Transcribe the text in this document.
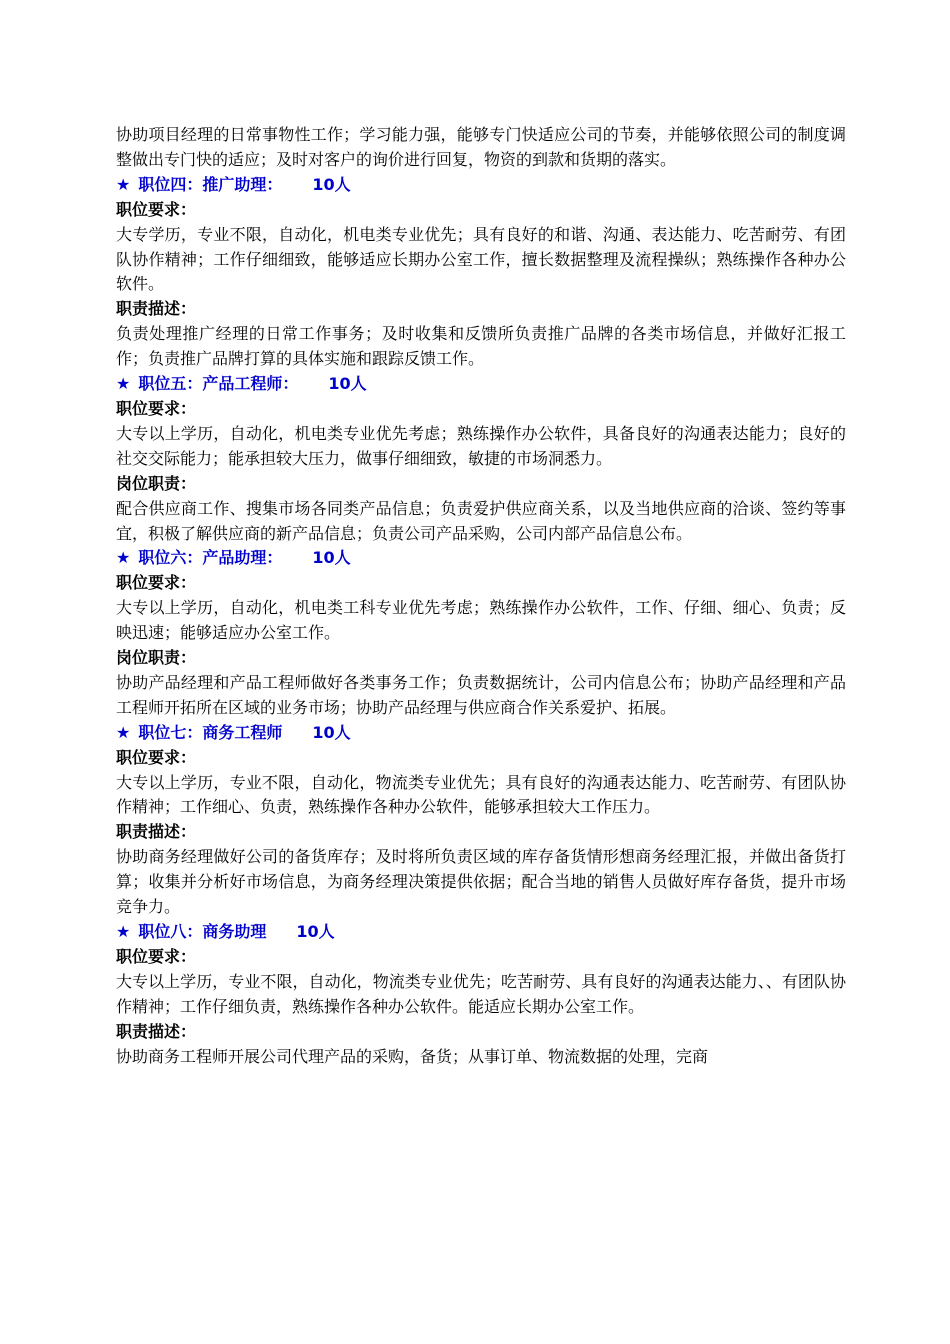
协助项目经理的日常事物性工作；学习能力强，能够专门快适应公司的节奏，并能够依照公司的制度调整做出专门快的适应；及时对客户的询价进行回复，物资的到款和货期的落实。

★ 职位四：推广助理： 10人

职位要求：

大专学历，专业不限，自动化，机电类专业优先；具有良好的和谐、沟通、表达能力、吃苦耐劳、有团队协作精神；工作仔细细致，能够适应长期办公室工作，擅长数据整理及流程操纵；熟练操作各种办公软件。

职责描述：

负责处理推广经理的日常工作事务；及时收集和反馈所负责推广品牌的各类市场信息，并做好汇报工作；负责推广品牌打算的具体实施和跟踪反馈工作。

★ 职位五：产品工程师： 10人

职位要求：

大专以上学历，自动化，机电类专业优先考虑；熟练操作办公软件，具备良好的沟通表达能力；良好的社交交际能力；能承担较大压力，做事仔细细致，敏捷的市场洞悉力。

岗位职责：

配合供应商工作、搜集市场各同类产品信息；负责爱护供应商关系，以及当地供应商的洽谈、签约等事宜，积极了解供应商的新产品信息；负责公司产品采购，公司内部产品信息公布。

★ 职位六：产品助理： 10人

职位要求：

大专以上学历，自动化，机电类工科专业优先考虑；熟练操作办公软件，工作、仔细、细心、负责；反映迅速；能够适应办公室工作。

岗位职责：

协助产品经理和产品工程师做好各类事务工作；负责数据统计，公司内信息公布；协助产品经理和产品工程师开拓所在区域的业务市场；协助产品经理与供应商合作关系爱护、拓展。

★ 职位七：商务工程师 10人

职位要求：

大专以上学历，专业不限，自动化，物流类专业优先；具有良好的沟通表达能力、吃苦耐劳、有团队协作精神；工作细心、负责，熟练操作各种办公软件，能够承担较大工作压力。

职责描述：

协助商务经理做好公司的备货库存；及时将所负责区域的库存备货情形想商务经理汇报，并做出备货打算；收集并分析好市场信息，为商务经理决策提供依据；配合当地的销售人员做好库存备货，提升市场竞争力。

★ 职位八：商务助理 10人

职位要求：

大专以上学历，专业不限，自动化，物流类专业优先；吃苦耐劳、具有良好的沟通表达能力、、有团队协作精神；工作仔细负责，熟练操作各种办公软件。能适应长期办公室工作。

职责描述：

协助商务工程师开展公司代理产品的采购，备货；从事订单、物流数据的处理，完商
